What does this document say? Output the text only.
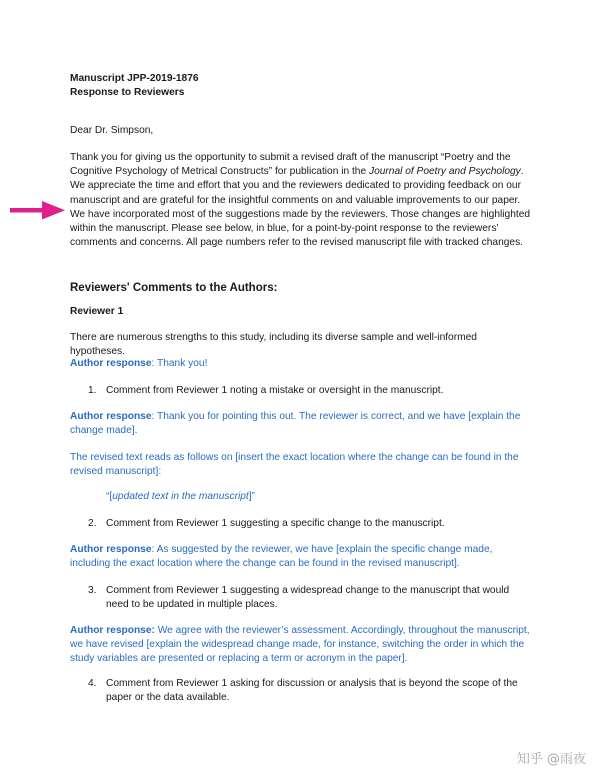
Manuscript JPP-2019-1876

Response to Reviewers

Dear Dr. Simpson,

Thank you for giving us the opportunity to submit a revised draft of the manuscript “Poetry and the Cognitive Psychology of Metrical Constructs” for publication in the Journal of Poetry and Psychology. We appreciate the time and effort that you and the reviewers dedicated to providing feedback on our manuscript and are grateful for the insightful comments on and valuable improvements to our paper. We have incorporated most of the suggestions made by the reviewers. Those changes are highlighted within the manuscript. Please see below, in blue, for a point-by-point response to the reviewers’ comments and concerns. All page numbers refer to the revised manuscript file with tracked changes.

Reviewers' Comments to the Authors:

Reviewer 1

There are numerous strengths to this study, including its diverse sample and well-informed hypotheses.

Author response: Thank you!

1. Comment from Reviewer 1 noting a mistake or oversight in the manuscript.

Author response: Thank you for pointing this out. The reviewer is correct, and we have [explain the change made].

The revised text reads as follows on [insert the exact location where the change can be found in the revised manuscript]:

“[updated text in the manuscript]”

2. Comment from Reviewer 1 suggesting a specific change to the manuscript.

Author response: As suggested by the reviewer, we have [explain the specific change made, including the exact location where the change can be found in the revised manuscript].

3. Comment from Reviewer 1 suggesting a widespread change to the manuscript that would need to be updated in multiple places.

Author response: We agree with the reviewer’s assessment. Accordingly, throughout the manuscript, we have revised [explain the widespread change made, for instance, switching the order in which the study variables are presented or replacing a term or acronym in the paper].

4. Comment from Reviewer 1 asking for discussion or analysis that is beyond the scope of the paper or the data available.

知乎 @雨夜
